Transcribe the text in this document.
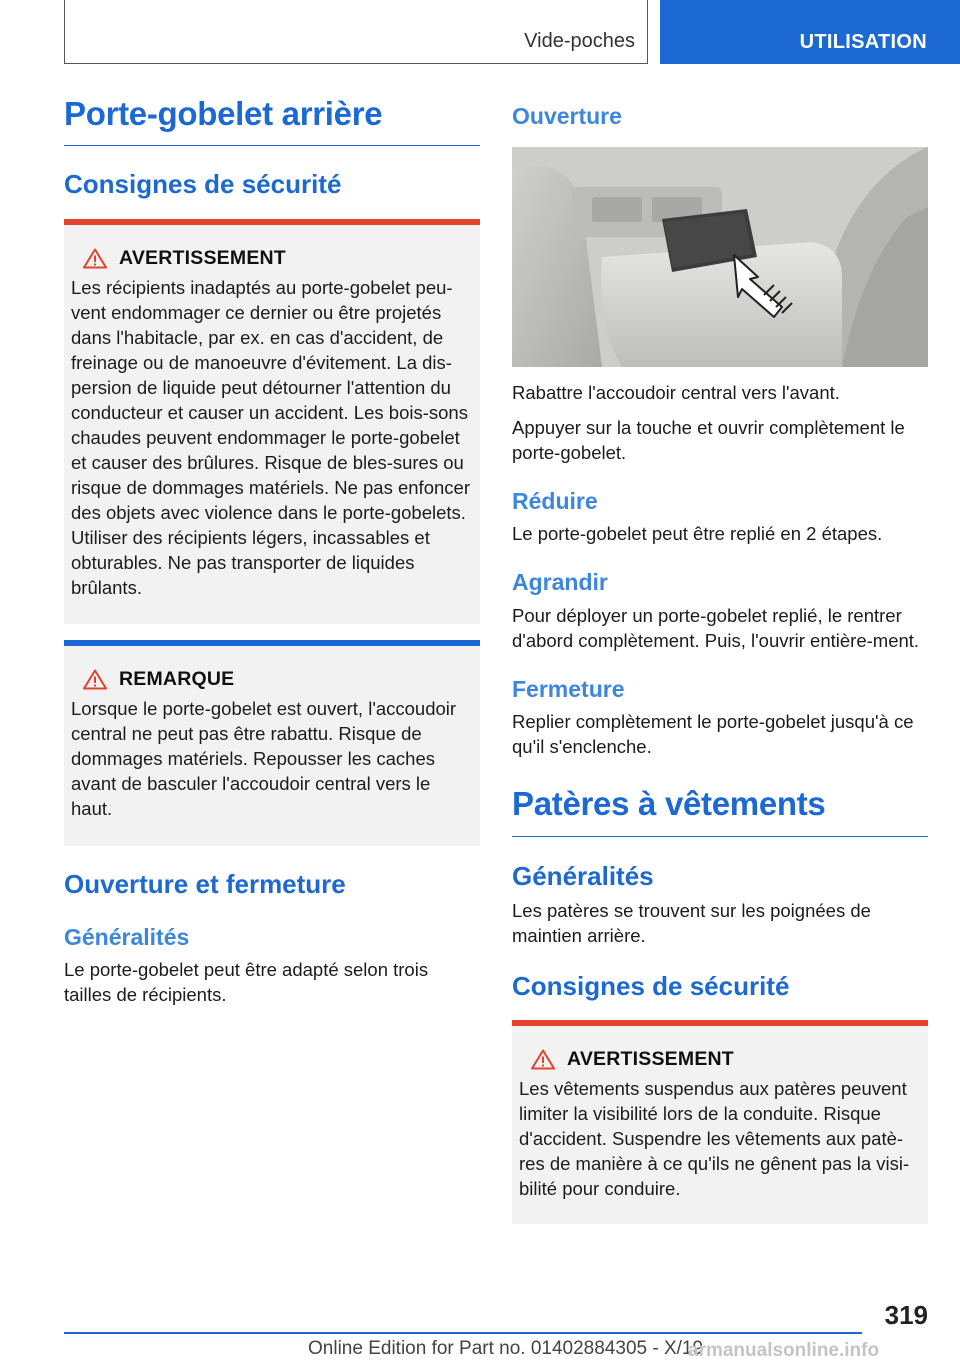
Vide-poches	UTILISATION
Porte-gobelet arrière
Consignes de sécurité
AVERTISSEMENT

Les récipients inadaptés au porte-gobelet peu-vent endommager ce dernier ou être projetés dans l'habitacle, par ex. en cas d'accident, de freinage ou de manoeuvre d'évitement. La dis-persion de liquide peut détourner l'attention du conducteur et causer un accident. Les bois-sons chaudes peuvent endommager le porte-gobelet et causer des brûlures. Risque de bles-sures ou risque de dommages matériels. Ne pas enfoncer des objets avec violence dans le porte-gobelets. Utiliser des récipients légers, incassables et obturables. Ne pas transporter de liquides brûlants.

REMARQUE

Lorsque le porte-gobelet est ouvert, l'accoudoir central ne peut pas être rabattu. Risque de dommages matériels. Repousser les caches avant de basculer l'accoudoir central vers le haut.

Ouverture et fermeture
Généralités

Le porte-gobelet peut être adapté selon trois tailles de récipients.

Ouverture

Rabattre l'accoudoir central vers l'avant.

Appuyer sur la touche et ouvrir complètement le porte-gobelet.

Réduire

Le porte-gobelet peut être replié en 2 étapes.

Agrandir

Pour déployer un porte-gobelet replié, le rentrer d'abord complètement. Puis, l'ouvrir entière-ment.

Fermeture

Replier complètement le porte-gobelet jusqu'à ce qu'il s'enclenche.

Patères à vêtements
Généralités

Les patères se trouvent sur les poignées de maintien arrière.

Consignes de sécurité
AVERTISSEMENT

Les vêtements suspendus aux patères peuvent limiter la visibilité lors de la conduite. Risque d'accident. Suspendre les vêtements aux patè-res de manière à ce qu'ils ne gênent pas la visi-bilité pour conduire.

319
Online Edition for Part no. 01402884305 - X/19
armanualsonline.info
